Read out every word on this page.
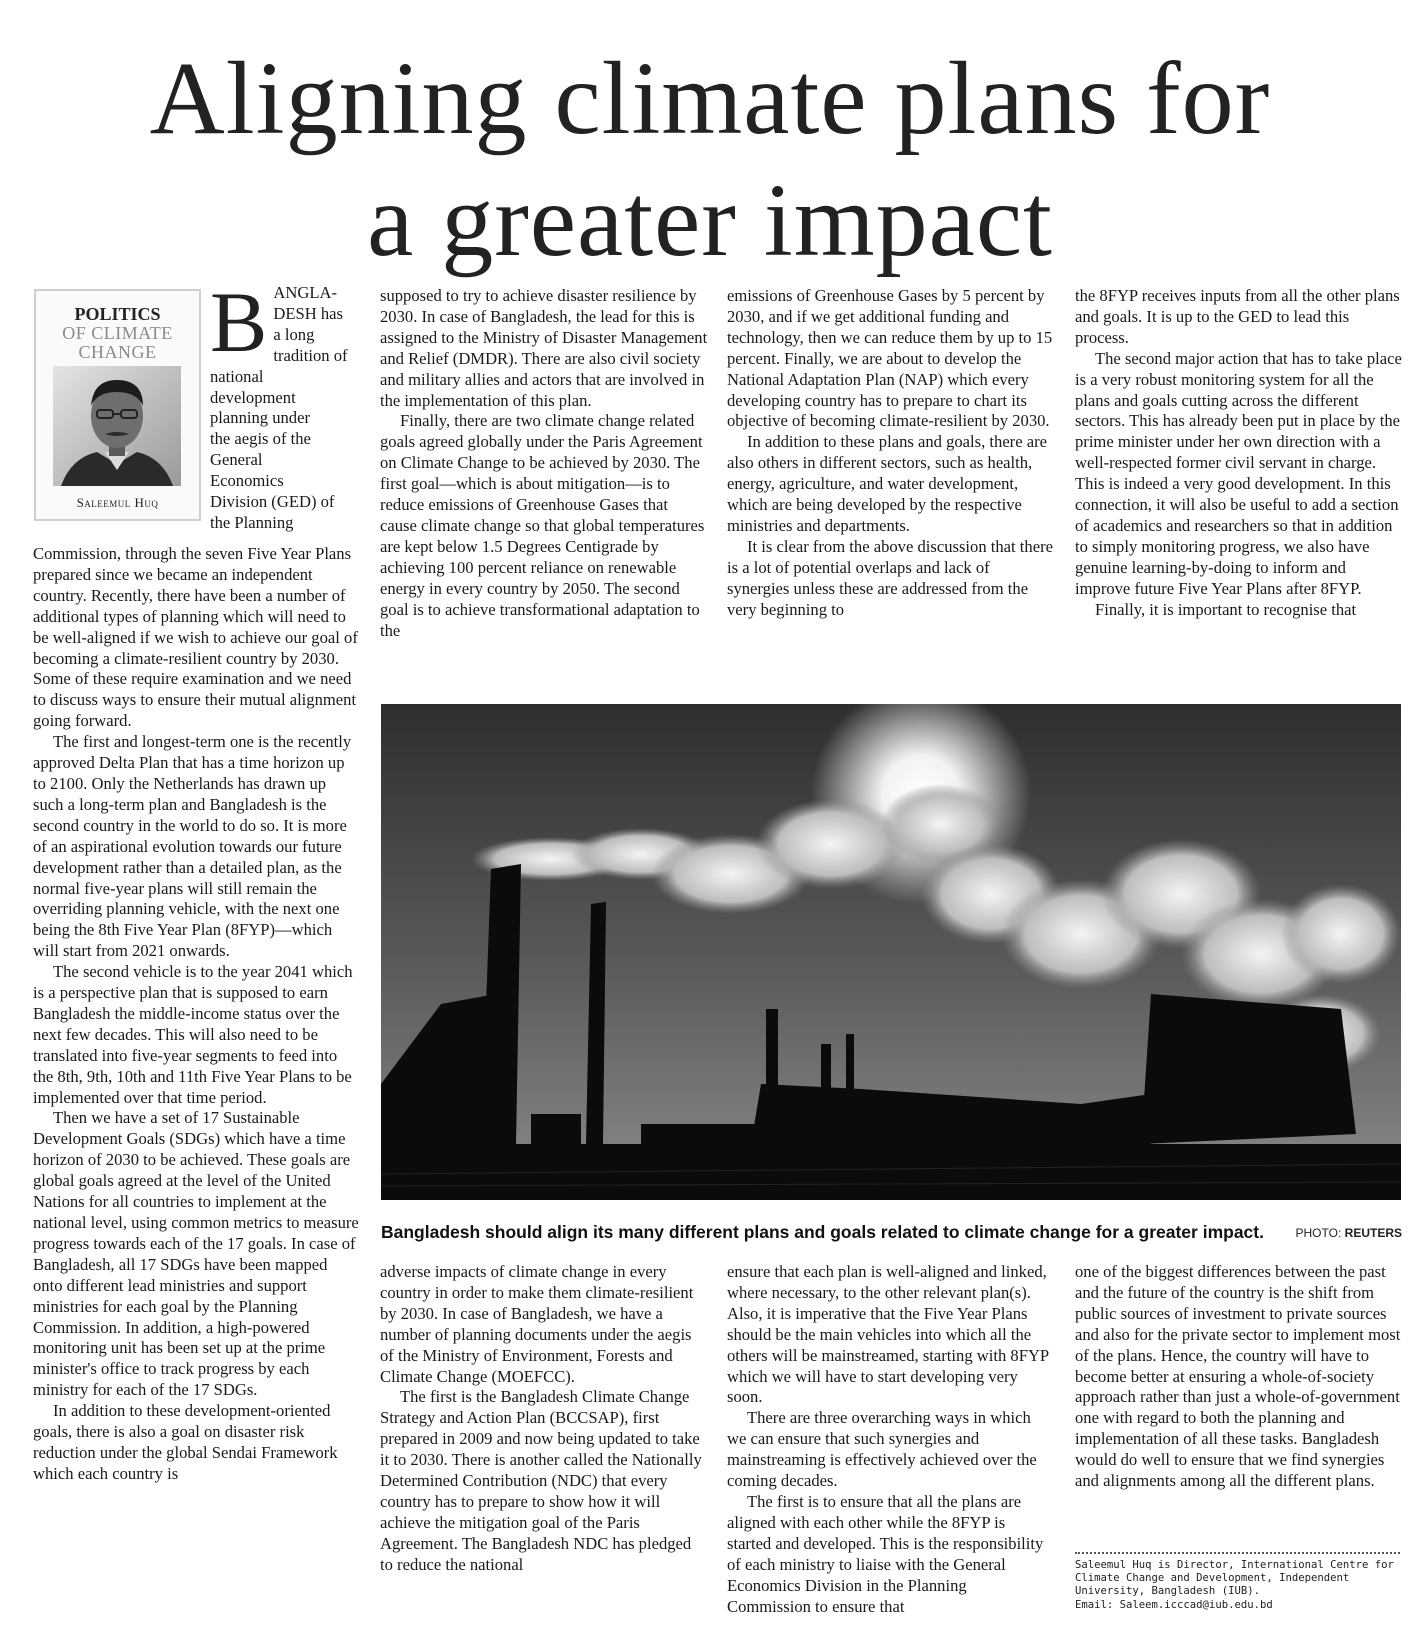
Aligning climate plans for
a greater impact
POLITICS
OF CLIMATE
CHANGE
Saleemul Huq
B ANGLA-
DESH has
a long
tradition of
national
development
planning under
the aegis of the
General
Economics
Division (GED) of
the Planning

Commission, through the seven Five Year Plans prepared since we became an independent country. Recently, there have been a number of additional types of planning which will need to be well-aligned if we wish to achieve our goal of becoming a climate-resilient country by 2030. Some of these require examination and we need to discuss ways to ensure their mutual alignment going forward.

The first and longest-term one is the recently approved Delta Plan that has a time horizon up to 2100. Only the Netherlands has drawn up such a long-term plan and Bangladesh is the second country in the world to do so. It is more of an aspirational evolution towards our future development rather than a detailed plan, as the normal five-year plans will still remain the overriding planning vehicle, with the next one being the 8th Five Year Plan (8FYP)—which will start from 2021 onwards.

The second vehicle is to the year 2041 which is a perspective plan that is supposed to earn Bangladesh the middle-income status over the next few decades. This will also need to be translated into five-year segments to feed into the 8th, 9th, 10th and 11th Five Year Plans to be implemented over that time period.

Then we have a set of 17 Sustainable Development Goals (SDGs) which have a time horizon of 2030 to be achieved. These goals are global goals agreed at the level of the United Nations for all countries to implement at the national level, using common metrics to measure progress towards each of the 17 goals. In case of Bangladesh, all 17 SDGs have been mapped onto different lead ministries and support ministries for each goal by the Planning Commission. In addition, a high-powered monitoring unit has been set up at the prime minister's office to track progress by each ministry for each of the 17 SDGs.

In addition to these development-oriented goals, there is also a goal on disaster risk reduction under the global Sendai Framework which each country is

supposed to try to achieve disaster resilience by 2030. In case of Bangladesh, the lead for this is assigned to the Ministry of Disaster Management and Relief (DMDR). There are also civil society and military allies and actors that are involved in the implementation of this plan.

Finally, there are two climate change related goals agreed globally under the Paris Agreement on Climate Change to be achieved by 2030. The first goal—which is about mitigation—is to reduce emissions of Greenhouse Gases that cause climate change so that global temperatures are kept below 1.5 Degrees Centigrade by achieving 100 percent reliance on renewable energy in every country by 2050. The second goal is to achieve transformational adaptation to the

emissions of Greenhouse Gases by 5 percent by 2030, and if we get additional funding and technology, then we can reduce them by up to 15 percent. Finally, we are about to develop the National Adaptation Plan (NAP) which every developing country has to prepare to chart its objective of becoming climate-resilient by 2030.

In addition to these plans and goals, there are also others in different sectors, such as health, energy, agriculture, and water development, which are being developed by the respective ministries and departments.

It is clear from the above discussion that there is a lot of potential overlaps and lack of synergies unless these are addressed from the very beginning to

the 8FYP receives inputs from all the other plans and goals. It is up to the GED to lead this process.

The second major action that has to take place is a very robust monitoring system for all the plans and goals cutting across the different sectors. This has already been put in place by the prime minister under her own direction with a well-respected former civil servant in charge. This is indeed a very good development. In this connection, it will also be useful to add a section of academics and researchers so that in addition to simply monitoring progress, we also have genuine learning-by-doing to inform and improve future Five Year Plans after 8FYP.

Finally, it is important to recognise that

Bangladesh should align its many different plans and goals related to climate change for a greater impact.	PHOTO: REUTERS

adverse impacts of climate change in every country in order to make them climate-resilient by 2030. In case of Bangladesh, we have a number of planning documents under the aegis of the Ministry of Environment, Forests and Climate Change (MOEFCC).

The first is the Bangladesh Climate Change Strategy and Action Plan (BCCSAP), first prepared in 2009 and now being updated to take it to 2030. There is another called the Nationally Determined Contribution (NDC) that every country has to prepare to show how it will achieve the mitigation goal of the Paris Agreement. The Bangladesh NDC has pledged to reduce the national

ensure that each plan is well-aligned and linked, where necessary, to the other relevant plan(s). Also, it is imperative that the Five Year Plans should be the main vehicles into which all the others will be mainstreamed, starting with 8FYP which we will have to start developing very soon.

There are three overarching ways in which we can ensure that such synergies and mainstreaming is effectively achieved over the coming decades.

The first is to ensure that all the plans are aligned with each other while the 8FYP is started and developed. This is the responsibility of each ministry to liaise with the General Economics Division in the Planning Commission to ensure that

one of the biggest differences between the past and the future of the country is the shift from public sources of investment to private sources and also for the private sector to implement most of the plans. Hence, the country will have to become better at ensuring a whole-of-society approach rather than just a whole-of-government one with regard to both the planning and implementation of all these tasks. Bangladesh would do well to ensure that we find synergies and alignments among all the different plans.

Saleemul Huq is Director, International Centre for
Climate Change and Development, Independent
University, Bangladesh (IUB).
Email: Saleem.icccad@iub.edu.bd
